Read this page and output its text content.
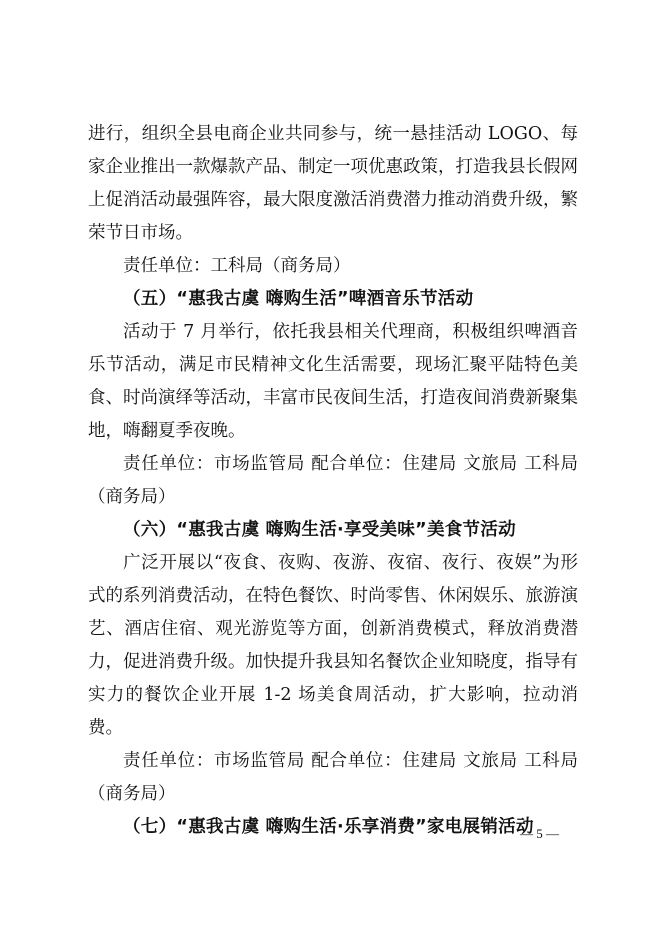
进行，组织全县电商企业共同参与，统一悬挂活动 LOGO、每家企业推出一款爆款产品、制定一项优惠政策，打造我县长假网上促消活动最强阵容，最大限度激活消费潜力推动消费升级，繁荣节日市场。

责任单位：工科局（商务局）

（五）“惠我古虞 嗨购生活”啤酒音乐节活动

活动于 7 月举行，依托我县相关代理商，积极组织啤酒音乐节活动，满足市民精神文化生活需要，现场汇聚平陆特色美食、时尚演绎等活动，丰富市民夜间生活，打造夜间消费新聚集地，嗨翻夏季夜晚。

责任单位：市场监管局 配合单位：住建局 文旅局 工科局（商务局）

（六）“惠我古虞 嗨购生活·享受美味”美食节活动

广泛开展以“夜食、夜购、夜游、夜宿、夜行、夜娱”为形式的系列消费活动，在特色餐饮、时尚零售、休闲娱乐、旅游演艺、酒店住宿、观光游览等方面，创新消费模式，释放消费潜力，促进消费升级。加快提升我县知名餐饮企业知晓度，指导有实力的餐饮企业开展 1-2 场美食周活动，扩大影响，拉动消费。

责任单位：市场监管局 配合单位：住建局 文旅局 工科局（商务局）

（七）“惠我古虞 嗨购生活·乐享消费”家电展销活动

— 5 —
